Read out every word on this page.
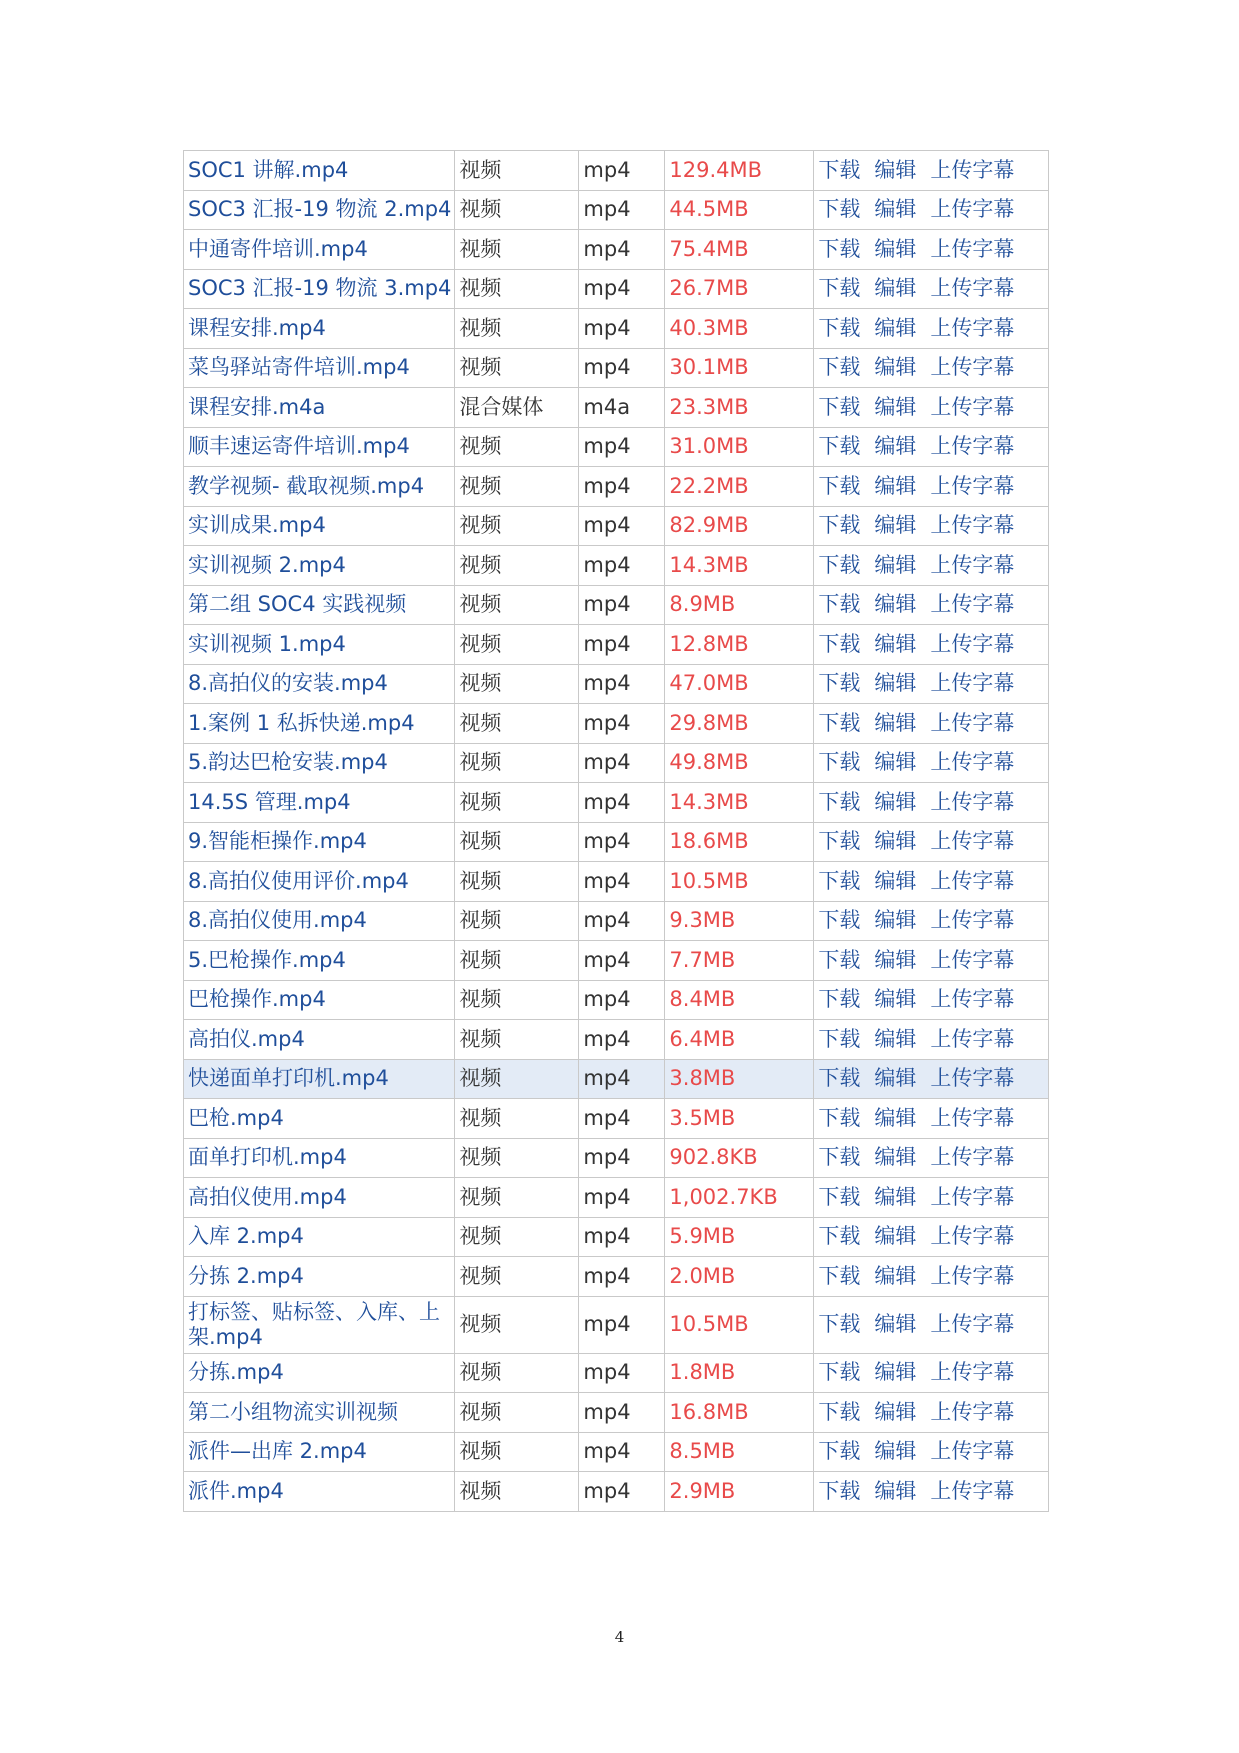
SOC1 讲解.mp4	视频	mp4	129.4MB	下载 编辑 上传字幕
SOC3 汇报-19 物流 2.mp4	视频	mp4	44.5MB	下载 编辑 上传字幕
中通寄件培训.mp4	视频	mp4	75.4MB	下载 编辑 上传字幕
SOC3 汇报-19 物流 3.mp4	视频	mp4	26.7MB	下载 编辑 上传字幕
课程安排.mp4	视频	mp4	40.3MB	下载 编辑 上传字幕
菜鸟驿站寄件培训.mp4	视频	mp4	30.1MB	下载 编辑 上传字幕
课程安排.m4a	混合媒体	m4a	23.3MB	下载 编辑 上传字幕
顺丰速运寄件培训.mp4	视频	mp4	31.0MB	下载 编辑 上传字幕
教学视频- 截取视频.mp4	视频	mp4	22.2MB	下载 编辑 上传字幕
实训成果.mp4	视频	mp4	82.9MB	下载 编辑 上传字幕
实训视频 2.mp4	视频	mp4	14.3MB	下载 编辑 上传字幕
第二组 SOC4 实践视频	视频	mp4	8.9MB	下载 编辑 上传字幕
实训视频 1.mp4	视频	mp4	12.8MB	下载 编辑 上传字幕
8.高拍仪的安装.mp4	视频	mp4	47.0MB	下载 编辑 上传字幕
1.案例 1 私拆快递.mp4	视频	mp4	29.8MB	下载 编辑 上传字幕
5.韵达巴枪安装.mp4	视频	mp4	49.8MB	下载 编辑 上传字幕
14.5S 管理.mp4	视频	mp4	14.3MB	下载 编辑 上传字幕
9.智能柜操作.mp4	视频	mp4	18.6MB	下载 编辑 上传字幕
8.高拍仪使用评价.mp4	视频	mp4	10.5MB	下载 编辑 上传字幕
8.高拍仪使用.mp4	视频	mp4	9.3MB	下载 编辑 上传字幕
5.巴枪操作.mp4	视频	mp4	7.7MB	下载 编辑 上传字幕
巴枪操作.mp4	视频	mp4	8.4MB	下载 编辑 上传字幕
高拍仪.mp4	视频	mp4	6.4MB	下载 编辑 上传字幕
快递面单打印机.mp4	视频	mp4	3.8MB	下载 编辑 上传字幕
巴枪.mp4	视频	mp4	3.5MB	下载 编辑 上传字幕
面单打印机.mp4	视频	mp4	902.8KB	下载 编辑 上传字幕
高拍仪使用.mp4	视频	mp4	1,002.7KB	下载 编辑 上传字幕
入库 2.mp4	视频	mp4	5.9MB	下载 编辑 上传字幕
分拣 2.mp4	视频	mp4	2.0MB	下载 编辑 上传字幕
打标签、贴标签、入库、上架.mp4	视频	mp4	10.5MB	下载 编辑 上传字幕
分拣.mp4	视频	mp4	1.8MB	下载 编辑 上传字幕
第二小组物流实训视频	视频	mp4	16.8MB	下载 编辑 上传字幕
派件—出库 2.mp4	视频	mp4	8.5MB	下载 编辑 上传字幕
派件.mp4	视频	mp4	2.9MB	下载 编辑 上传字幕
4
